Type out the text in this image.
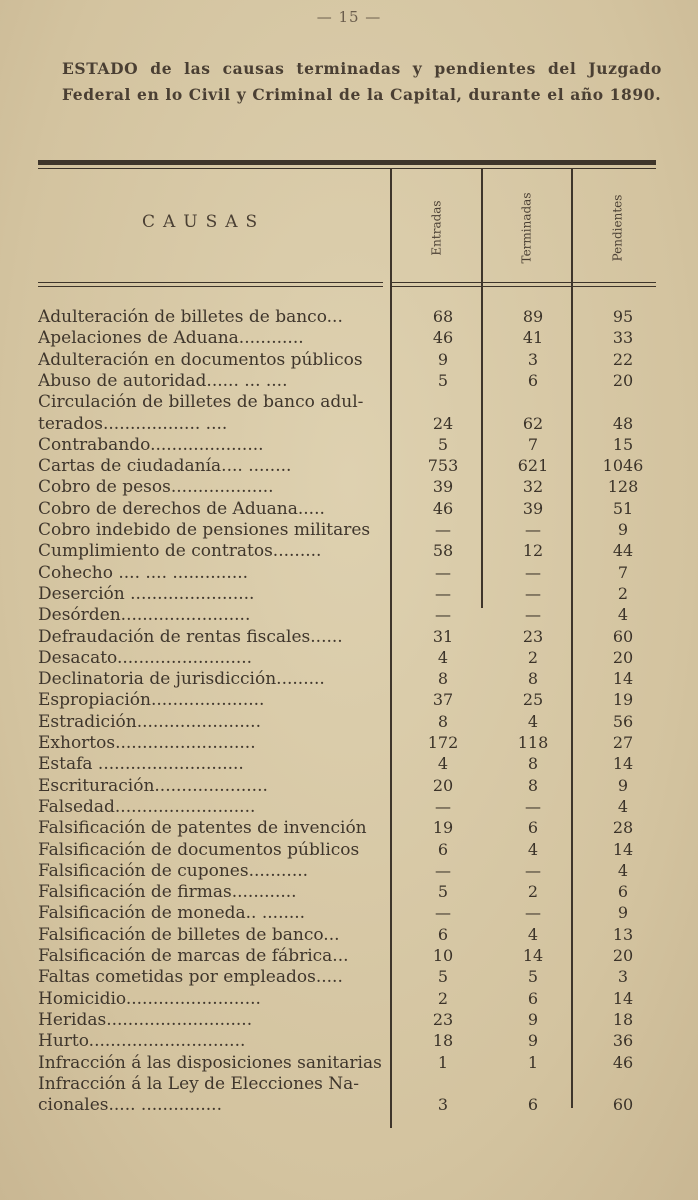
— 15 —
ESTADO de las causas terminadas y pendientes del Juzgado Federal en lo Civil y Criminal de la Capital, durante el año 1890.
CAUSAS	Entradas	Terminadas	Pendientes
Adulteración de billetes de banco...	68	89	95
Apelaciones de Aduana............	46	41	33
Adulteración en documentos públicos	9	3	22
Abuso de autoridad...... ... ....	5	6	20
Circulación de billetes de banco adul-
terados.................. ....	24	62	48
Contrabando.....................	5	7	15
Cartas de ciudadanía.... ........	753	621	1046
Cobro de pesos...................	39	32	128
Cobro de derechos de Aduana.....	46	39	51
Cobro indebido de pensiones militares	—	—	9
Cumplimiento de contratos.........	58	12	44
Cohecho .... .... ..............	—	—	7
Deserción .......................	—	—	2
Desórden........................	—	—	4
Defraudación de rentas fiscales......	31	23	60
Desacato.........................	4	2	20
Declinatoria de jurisdicción.........	8	8	14
Espropiación.....................	37	25	19
Estradición.......................	8	4	56
Exhortos..........................	172	118	27
Estafa ...........................	4	8	14
Escrituración.....................	20	8	9
Falsedad..........................	—	—	4
Falsificación de patentes de invención	19	6	28
Falsificación de documentos públicos	6	4	14
Falsificación de cupones...........	—	—	4
Falsificación de firmas............	5	2	6
Falsificación de moneda.. ........	—	—	9
Falsificación de billetes de banco...	6	4	13
Falsificación de marcas de fábrica...	10	14	20
Faltas cometidas por empleados.....	5	5	3
Homicidio.........................	2	6	14
Heridas...........................	23	9	18
Hurto.............................	18	9	36
Infracción á las disposiciones sanitarias	1	1	46
Infracción á la Ley de Elecciones Na-
cionales..... ...............	3	6	60
